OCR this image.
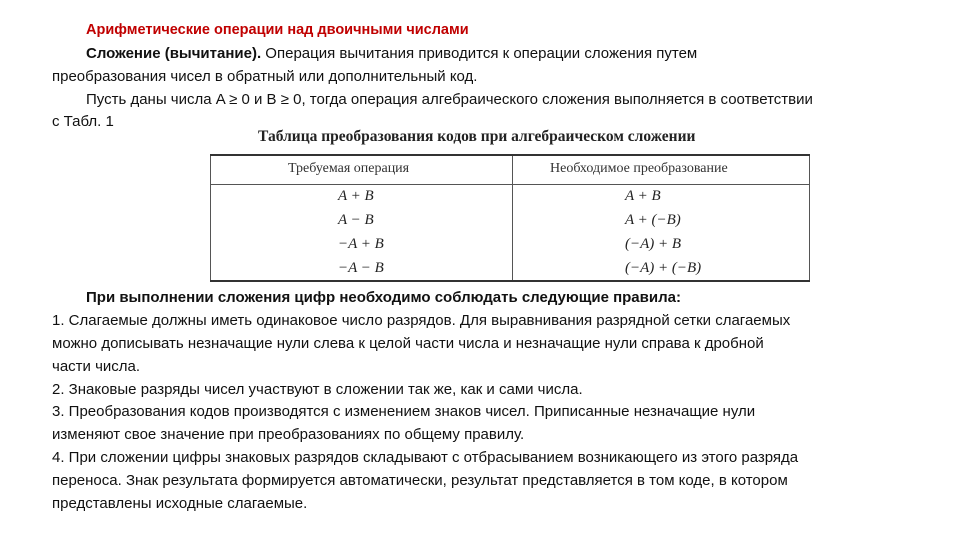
Арифметические операции над двоичными числами
Сложение (вычитание). Операция вычитания приводится к операции сложения путем
преобразования чисел в обратный или дополнительный код.
Пусть даны числа A ≥ 0 и B ≥ 0, тогда операция алгебраического сложения выполняется в соответствии
с Табл. 1
Таблица преобразования кодов при алгебраическом сложении
Требуемая операция	Необходимое преобразование
A + B	A + B
A − B	A + (−B)
−A + B	(−A) + B
−A − B	(−A) + (−B)
При выполнении сложения цифр необходимо соблюдать следующие правила:
1. Слагаемые должны иметь одинаковое число разрядов. Для выравнивания разрядной сетки слагаемых
можно дописывать незначащие нули слева к целой части числа и незначащие нули справа к дробной
части числа.
2. Знаковые разряды чисел участвуют в сложении так же, как и сами числа.
3. Преобразования кодов производятся с изменением знаков чисел. Приписанные незначащие нули
изменяют свое значение при преобразованиях по общему правилу.
4. При сложении цифры знаковых разрядов складывают с отбрасыванием возникающего из этого разряда
переноса. Знак результата формируется автоматически, результат представляется в том коде, в котором
представлены исходные слагаемые.
